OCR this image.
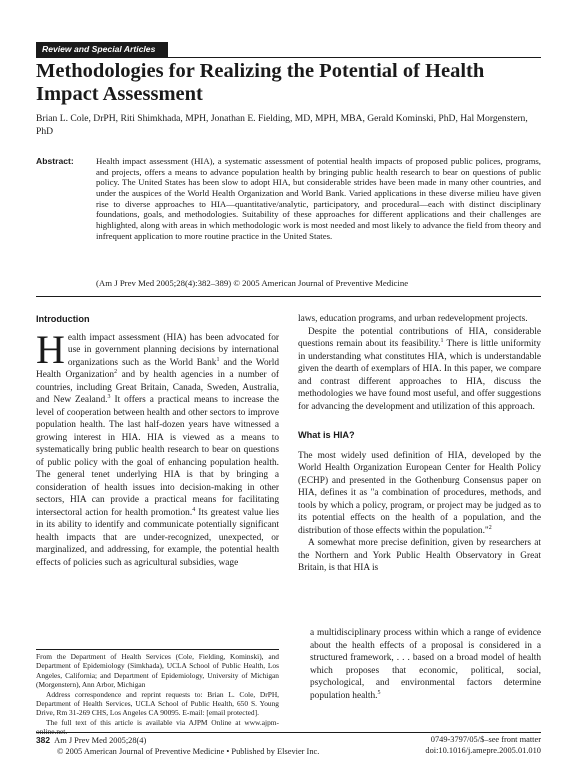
Review and Special Articles
Methodologies for Realizing the Potential of Health Impact Assessment
Brian L. Cole, DrPH, Riti Shimkhada, MPH, Jonathan E. Fielding, MD, MPH, MBA, Gerald Kominski, PhD, Hal Morgenstern, PhD
Abstract:	Health impact assessment (HIA), a systematic assessment of potential health impacts of proposed public polices, programs, and projects, offers a means to advance population health by bringing public health research to bear on questions of public policy. The United States has been slow to adopt HIA, but considerable strides have been made in many other countries, and under the auspices of the World Health Organization and World Bank. Varied applications in these diverse milieu have given rise to diverse approaches to HIA—quantitative/analytic, participatory, and procedural—each with distinct disciplinary foundations, goals, and methodologies. Suitability of these approaches for different applications and their challenges are highlighted, along with areas in which methodologic work is most needed and most likely to advance the field from theory and infrequent application to more routine practice in the United States.
(Am J Prev Med 2005;28(4):382–389) © 2005 American Journal of Preventive Medicine
Introduction

Health impact assessment (HIA) has been advocated for use in government planning decisions by international organizations such as the World Bank$^1$ and the World Health Organization$^2$ and by health agencies in a number of countries, including Great Britain, Canada, Sweden, Australia, and New Zealand.$^3$ It offers a practical means to increase the level of cooperation between health and other sectors to improve population health. The last half-dozen years have witnessed a growing interest in HIA. HIA is viewed as a means to systematically bring public health research to bear on questions of public policy with the goal of enhancing population health. The general tenet underlying HIA is that by bringing a consideration of health issues into decision-making in other sectors, HIA can provide a practical means for facilitating intersectoral action for health promotion.$^4$ Its greatest value lies in its ability to identify and communicate potentially significant health impacts that are under-recognized, unexpected, or marginalized, and addressing, for example, the potential health effects of policies such as agricultural subsidies, wage

From the Department of Health Services (Cole, Fielding, Kominski), and Department of Epidemiology (Simkhada), UCLA School of Public Health, Los Angeles, California; and Department of Epidemiology, University of Michigan (Morgenstern), Ann Arbor, Michigan

Address correspondence and reprint requests to: Brian L. Cole, DrPH, Department of Health Services, UCLA School of Public Health, 650 S. Young Drive, Rm 31-269 CHS, Los Angeles CA 90095. E-mail: [email protected].

The full text of this article is available via AJPM Online at www.ajpm-online.net.

laws, education programs, and urban redevelopment projects.

Despite the potential contributions of HIA, considerable questions remain about its feasibility.$^1$ There is little uniformity in understanding what constitutes HIA, which is understandable given the dearth of exemplars of HIA. In this paper, we compare and contrast different approaches to HIA, discuss the methodologies we have found most useful, and offer suggestions for advancing the development and utilization of this approach.

What is HIA?

The most widely used definition of HIA, developed by the World Health Organization European Center for Health Policy (ECHP) and presented in the Gothenburg Consensus paper on HIA, defines it as "a combination of procedures, methods, and tools by which a policy, program, or project may be judged as to its potential effects on the health of a population, and the distribution of those effects within the population."$^2$

A somewhat more precise definition, given by researchers at the Northern and York Public Health Observatory in Great Britain, is that HIA is

a multidisciplinary process within which a range of evidence about the health effects of a proposal is considered in a structured framework, . . . based on a broad model of health which proposes that economic, political, social, psychological, and environmental factors determine population health.$^5$
382 Am J Prev Med 2005;28(4)
© 2005 American Journal of Preventive Medicine • Published by Elsevier Inc.
0749-3797/05/$–see front matter
doi:10.1016/j.amepre.2005.01.010
